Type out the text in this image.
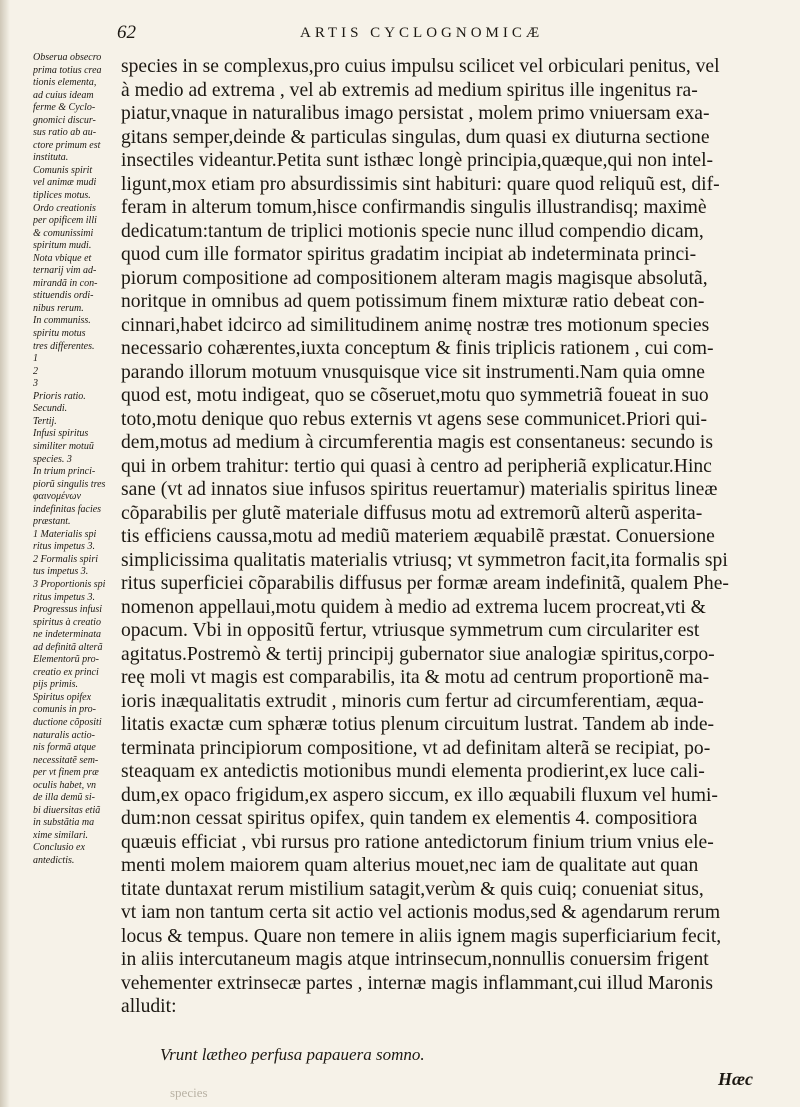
62	ARTIS CYCLOGNOMICÆ
Obserua obsecro
prima totius crea
tionis elementa,
ad cuius ideam
ferme & Cyclo-
gnomici discur-
sus ratio ab au-
ctore primum est
instituta.
Comunis spirit
vel animæ mudi
tiplices motus.
Ordo creationis
per opificem illi
& comunissimi
spiritum mudi.
Nota vbique et
ternarij vim ad-
mirandã in con-
stituendis ordi-
nibus rerum.
In communiss.
spiritu motus
tres differentes.
1
2
3
Prioris ratio.
Secundi.
Tertij.
Infusi spiritus
similiter motuũ
species. 3
In trium princi-
piorũ singulis tres
φαινομένων
indefinitas facies
præstant.
1 Materialis spi
ritus impetus 3.
2 Formalis spiri
tus impetus 3.
3 Proportionis spi
ritus impetus 3.
Progressus infusi
spiritus à creatio
ne indeterminata
ad definitã alterã
Elementorũ pro-
creatio ex princi
pijs primis.
Spiritus opifex
comunis in pro-
ductione cõpositi
naturalis actio-
nis formã atque
necessitatẽ sem-
per vt finem præ
oculis habet, vn
de illa demũ si-
bi diuersitas etiã
in substãtia ma
xime similari.
Conclusio ex
antedictis.
species in se complexus,pro cuius impulsu scilicet vel orbiculari penitus, vel
à medio ad extrema , vel ab extremis ad medium spiritus ille ingenitus ra-
piatur,vnaque in naturalibus imago persistat , molem primo vniuersam exa-
gitans semper,deinde & particulas singulas, dum quasi ex diuturna sectione
insectiles videantur.Petita sunt isthæc longè principia,quæque,qui non intel-
ligunt,mox etiam pro absurdissimis sint habituri: quare quod reliquũ est, dif-
feram in alterum tomum,hisce confirmandis singulis illustrandisq; maximè
dedicatum:tantum de triplici motionis specie nunc illud compendio dicam,
quod cum ille formator spiritus gradatim incipiat ab indeterminata princi-
piorum compositione ad compositionem alteram magis magisque absolutã,
noritque in omnibus ad quem potissimum finem mixturæ ratio debeat con-
cinnari,habet idcirco ad similitudinem animę nostræ tres motionum species
necessario cohærentes,iuxta conceptum & finis triplicis rationem , cui com-
parando illorum motuum vnusquisque vice sit instrumenti.Nam quia omne
quod est, motu indigeat, quo se cõseruet,motu quo symmetriã foueat in suo
toto,motu denique quo rebus externis vt agens sese communicet.Priori qui-
dem,motus ad medium à circumferentia magis est consentaneus: secundo is
qui in orbem trahitur: tertio qui quasi à centro ad peripheriã explicatur.Hinc
sane (vt ad innatos siue infusos spiritus reuertamur) materialis spiritus lineæ
cõparabilis per glutẽ materiale diffusus motu ad extremorũ alterũ asperita-
tis efficiens caussa,motu ad mediũ materiem æquabilẽ præstat. Conuersione
simplicissima qualitatis materialis vtriusq; vt symmetron facit,ita formalis spi
ritus superficiei cõparabilis diffusus per formæ aream indefinitã, qualem Phe-
nomenon appellaui,motu quidem à medio ad extrema lucem procreat,vti &
opacum. Vbi in oppositũ fertur, vtriusque symmetrum cum circulariter est
agitatus.Postremò & tertij principij gubernator siue analogiæ spiritus,corpo-
reę moli vt magis est comparabilis, ita & motu ad centrum proportionẽ ma-
ioris inæqualitatis extrudit , minoris cum fertur ad circumferentiam, æqua-
litatis exactæ cum sphæræ totius plenum circuitum lustrat. Tandem ab inde-
terminata principiorum compositione, vt ad definitam alterã se recipiat, po-
steaquam ex antedictis motionibus mundi elementa prodierint,ex luce cali-
dum,ex opaco frigidum,ex aspero siccum, ex illo æquabili fluxum vel humi-
dum:non cessat spiritus opifex, quin tandem ex elementis 4. compositiora
quæuis efficiat , vbi rursus pro ratione antedictorum finium trium vnius ele-
menti molem maiorem quam alterius mouet,nec iam de qualitate aut quan
titate duntaxat rerum mistilium satagit,verùm & quis cuiq; conueniat situs,
vt iam non tantum certa sit actio vel actionis modus,sed & agendarum rerum
locus & tempus. Quare non temere in aliis ignem magis superficiarium fecit,
in aliis intercutaneum magis atque intrinsecum,nonnullis conuersim frigent
vehementer extrinsecæ partes , internæ magis inflammant,cui illud Maronis
alludit:
Vrunt lætheo perfusa papauera somno.
Hæc
species
